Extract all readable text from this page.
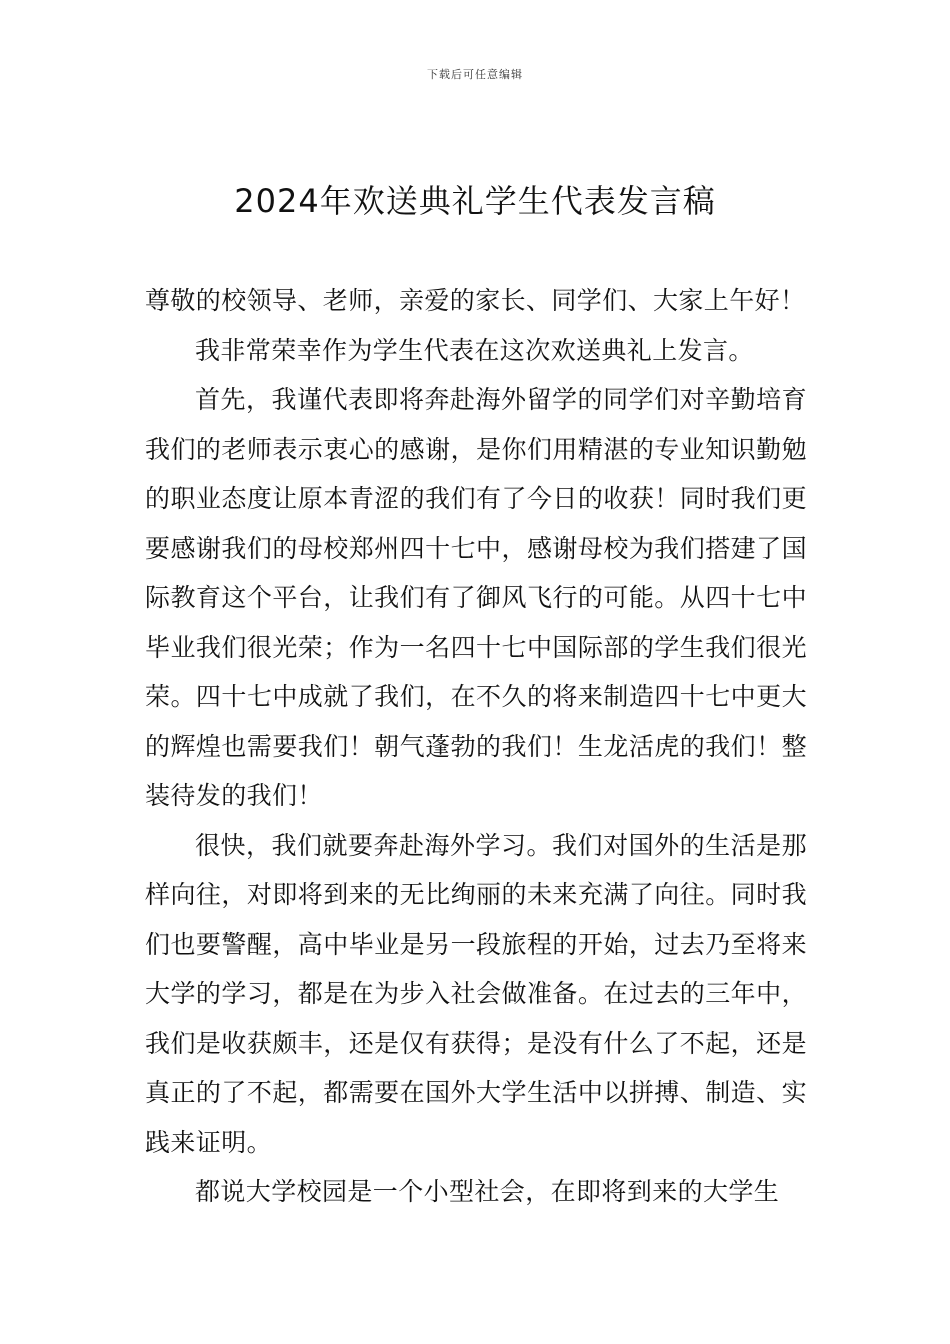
下载后可任意编辑
2024年欢送典礼学生代表发言稿

尊敬的校领导、老师，亲爱的家长、同学们、大家上午好！

我非常荣幸作为学生代表在这次欢送典礼上发言。

首先，我谨代表即将奔赴海外留学的同学们对辛勤培育我们的老师表示衷心的感谢，是你们用精湛的专业知识勤勉的职业态度让原本青涩的我们有了今日的收获！同时我们更要感谢我们的母校郑州四十七中，感谢母校为我们搭建了国际教育这个平台，让我们有了御风飞行的可能。从四十七中毕业我们很光荣；作为一名四十七中国际部的学生我们很光荣。四十七中成就了我们，在不久的将来制造四十七中更大的辉煌也需要我们！朝气蓬勃的我们！生龙活虎的我们！整装待发的我们！

很快，我们就要奔赴海外学习。我们对国外的生活是那样向往，对即将到来的无比绚丽的未来充满了向往。同时我们也要警醒，高中毕业是另一段旅程的开始，过去乃至将来大学的学习，都是在为步入社会做准备。在过去的三年中，我们是收获颇丰，还是仅有获得；是没有什么了不起，还是真正的了不起，都需要在国外大学生活中以拼搏、制造、实践来证明。

都说大学校园是一个小型社会，在即将到来的大学生
